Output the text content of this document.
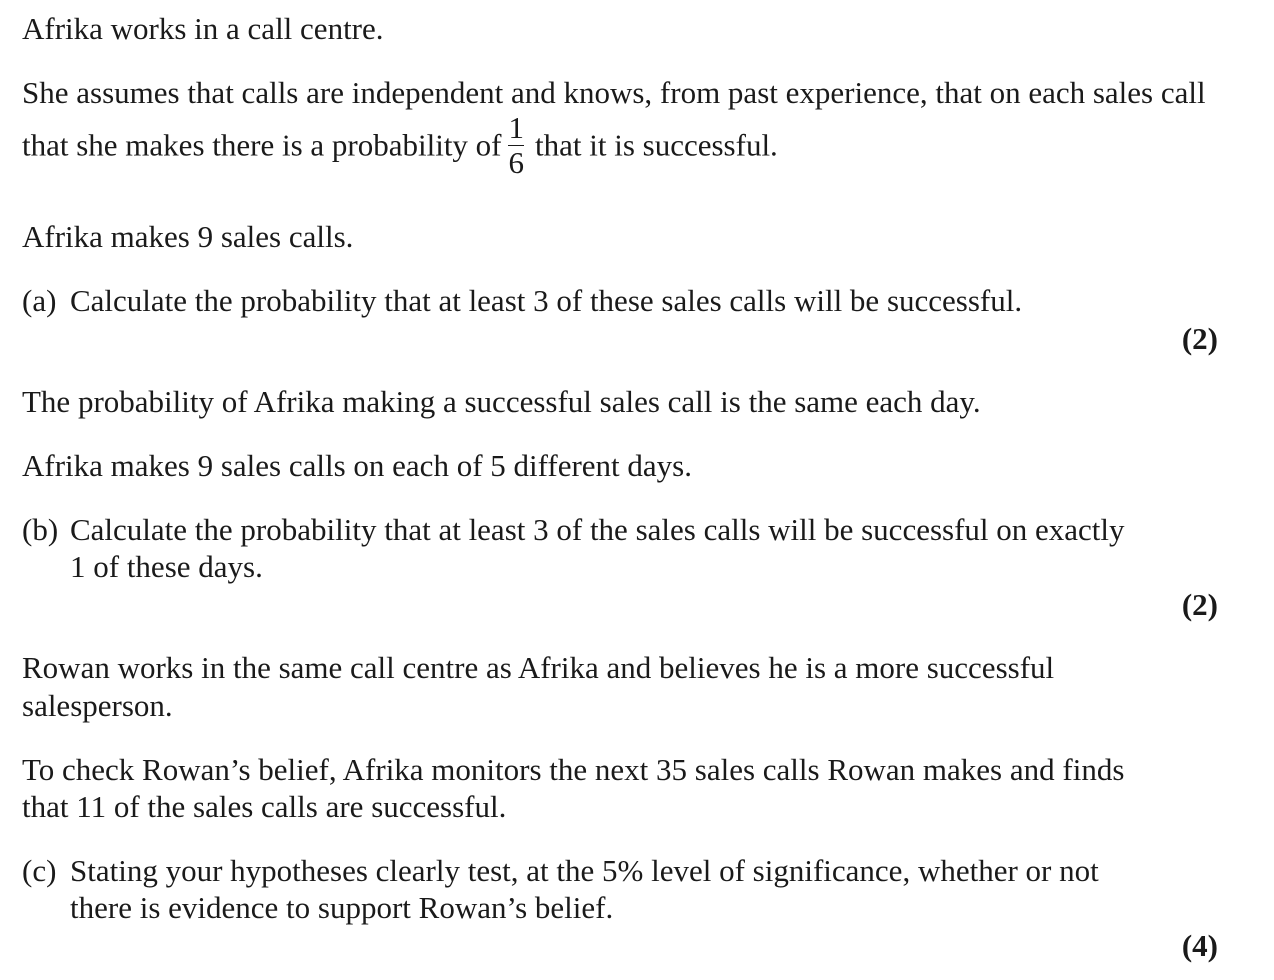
Afrika works in a call centre.
She assumes that calls are independent and knows, from past experience, that on each sales call
that she makes there is a probability of $\frac{1}{6}$ that it is successful.
Afrika makes 9 sales calls.
(a) Calculate the probability that at least 3 of these sales calls will be successful.
(2)
The probability of Afrika making a successful sales call is the same each day.
Afrika makes 9 sales calls on each of 5 different days.
(b) Calculate the probability that at least 3 of the sales calls will be successful on exactly
1 of these days.
(2)
Rowan works in the same call centre as Afrika and believes he is a more successful
salesperson.
To check Rowan’s belief, Afrika monitors the next 35 sales calls Rowan makes and finds
that 11 of the sales calls are successful.
(c) Stating your hypotheses clearly test, at the 5% level of significance, whether or not
there is evidence to support Rowan’s belief.
(4)
